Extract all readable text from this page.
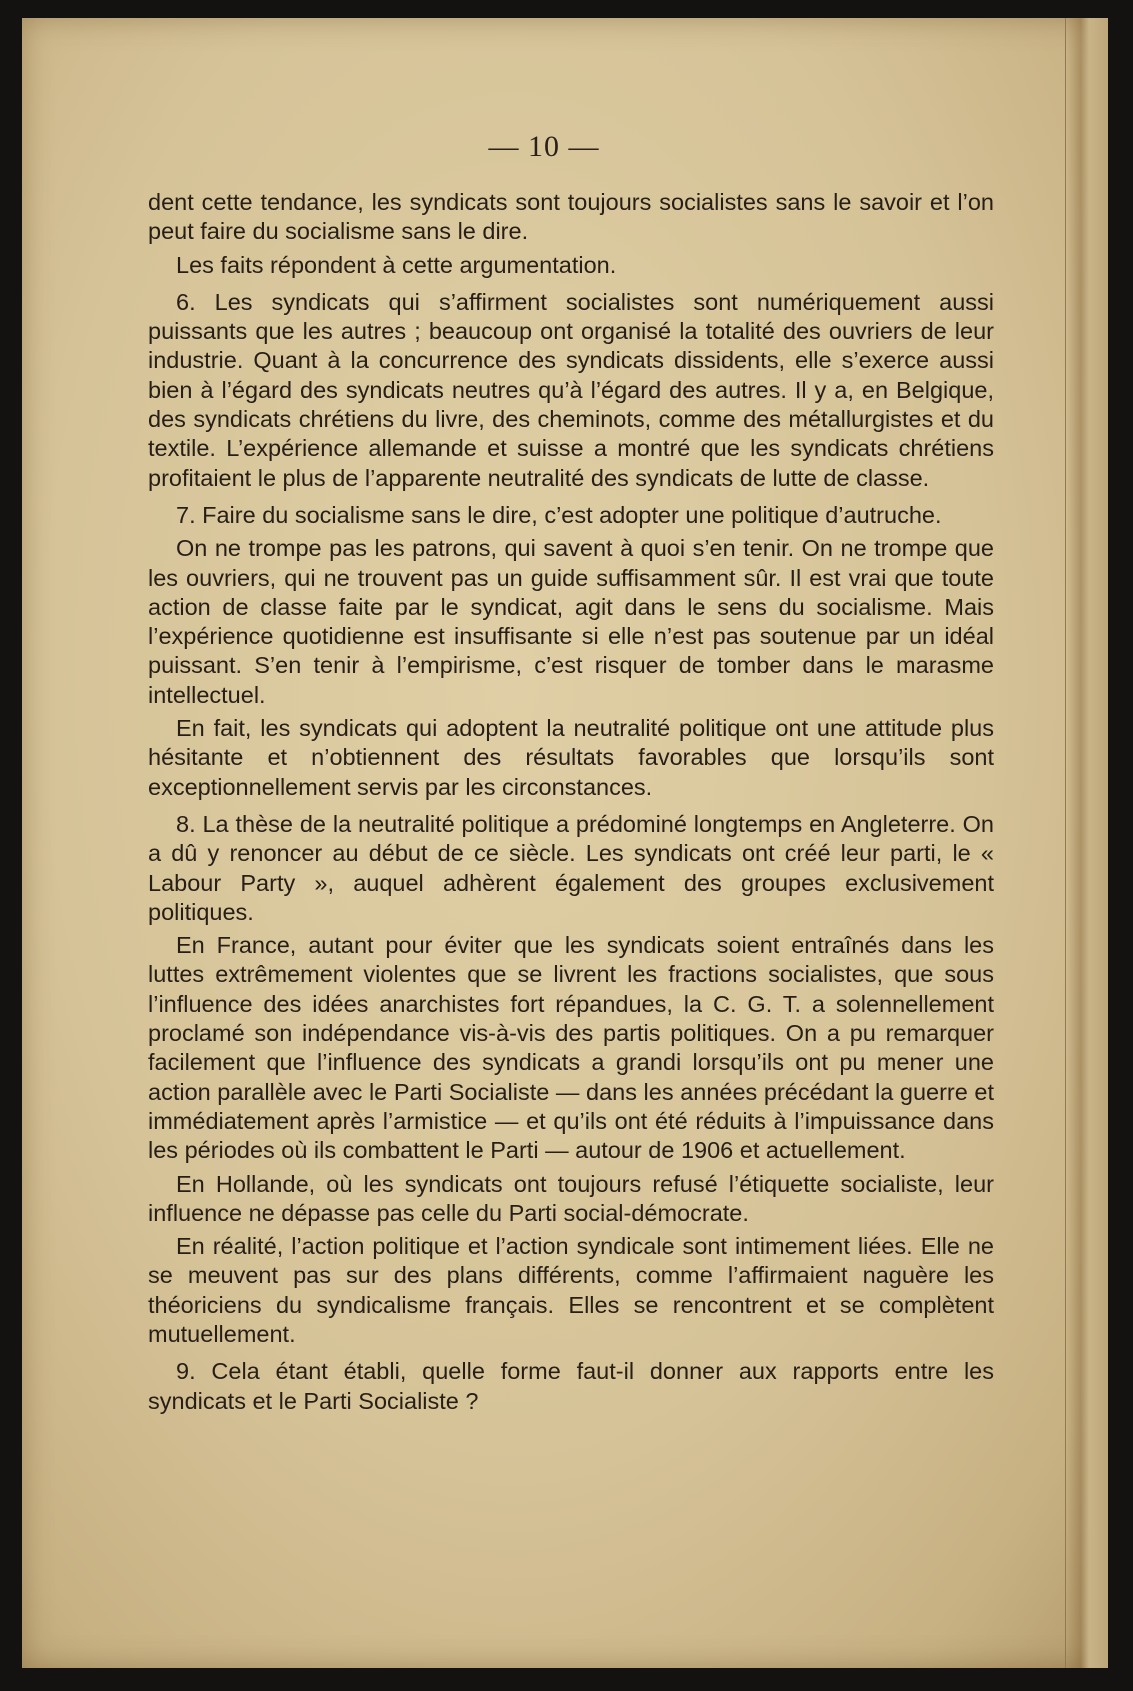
— 10 —

dent cette tendance, les syndicats sont toujours socialistes sans le savoir et l’on peut faire du socialisme sans le dire.

Les faits répondent à cette argumentation.

6. Les syndicats qui s’affirment socialistes sont numériquement aussi puissants que les autres ; beaucoup ont organisé la totalité des ouvriers de leur industrie. Quant à la concurrence des syndicats dissidents, elle s’exerce aussi bien à l’égard des syndicats neutres qu’à l’égard des autres. Il y a, en Belgique, des syndicats chrétiens du livre, des cheminots, comme des métallurgistes et du textile. L’expérience allemande et suisse a montré que les syndicats chrétiens profitaient le plus de l’apparente neutralité des syndicats de lutte de classe.

7. Faire du socialisme sans le dire, c’est adopter une politique d’autruche.

On ne trompe pas les patrons, qui savent à quoi s’en tenir. On ne trompe que les ouvriers, qui ne trouvent pas un guide suffisamment sûr. Il est vrai que toute action de classe faite par le syndicat, agit dans le sens du socialisme. Mais l’expérience quotidienne est insuffisante si elle n’est pas soutenue par un idéal puissant. S’en tenir à l’empirisme, c’est risquer de tomber dans le marasme intellectuel.

En fait, les syndicats qui adoptent la neutralité politique ont une attitude plus hésitante et n’obtiennent des résultats favorables que lorsqu’ils sont exceptionnellement servis par les circonstances.

8. La thèse de la neutralité politique a prédominé longtemps en Angleterre. On a dû y renoncer au début de ce siècle. Les syndicats ont créé leur parti, le « Labour Party », auquel adhèrent également des groupes exclusivement politiques.

En France, autant pour éviter que les syndicats soient entraînés dans les luttes extrêmement violentes que se livrent les fractions socialistes, que sous l’influence des idées anarchistes fort répandues, la C. G. T. a solennellement proclamé son indépendance vis-à-vis des partis politiques. On a pu remarquer facilement que l’influence des syndicats a grandi lorsqu’ils ont pu mener une action parallèle avec le Parti Socialiste — dans les années précédant la guerre et immédiatement après l’armistice — et qu’ils ont été réduits à l’impuissance dans les périodes où ils combattent le Parti — autour de 1906 et actuellement.

En Hollande, où les syndicats ont toujours refusé l’étiquette socialiste, leur influence ne dépasse pas celle du Parti social-démocrate.

En réalité, l’action politique et l’action syndicale sont intimement liées. Elle ne se meuvent pas sur des plans différents, comme l’affirmaient naguère les théoriciens du syndicalisme français. Elles se rencontrent et se complètent mutuellement.

9. Cela étant établi, quelle forme faut-il donner aux rapports entre les syndicats et le Parti Socialiste ?
